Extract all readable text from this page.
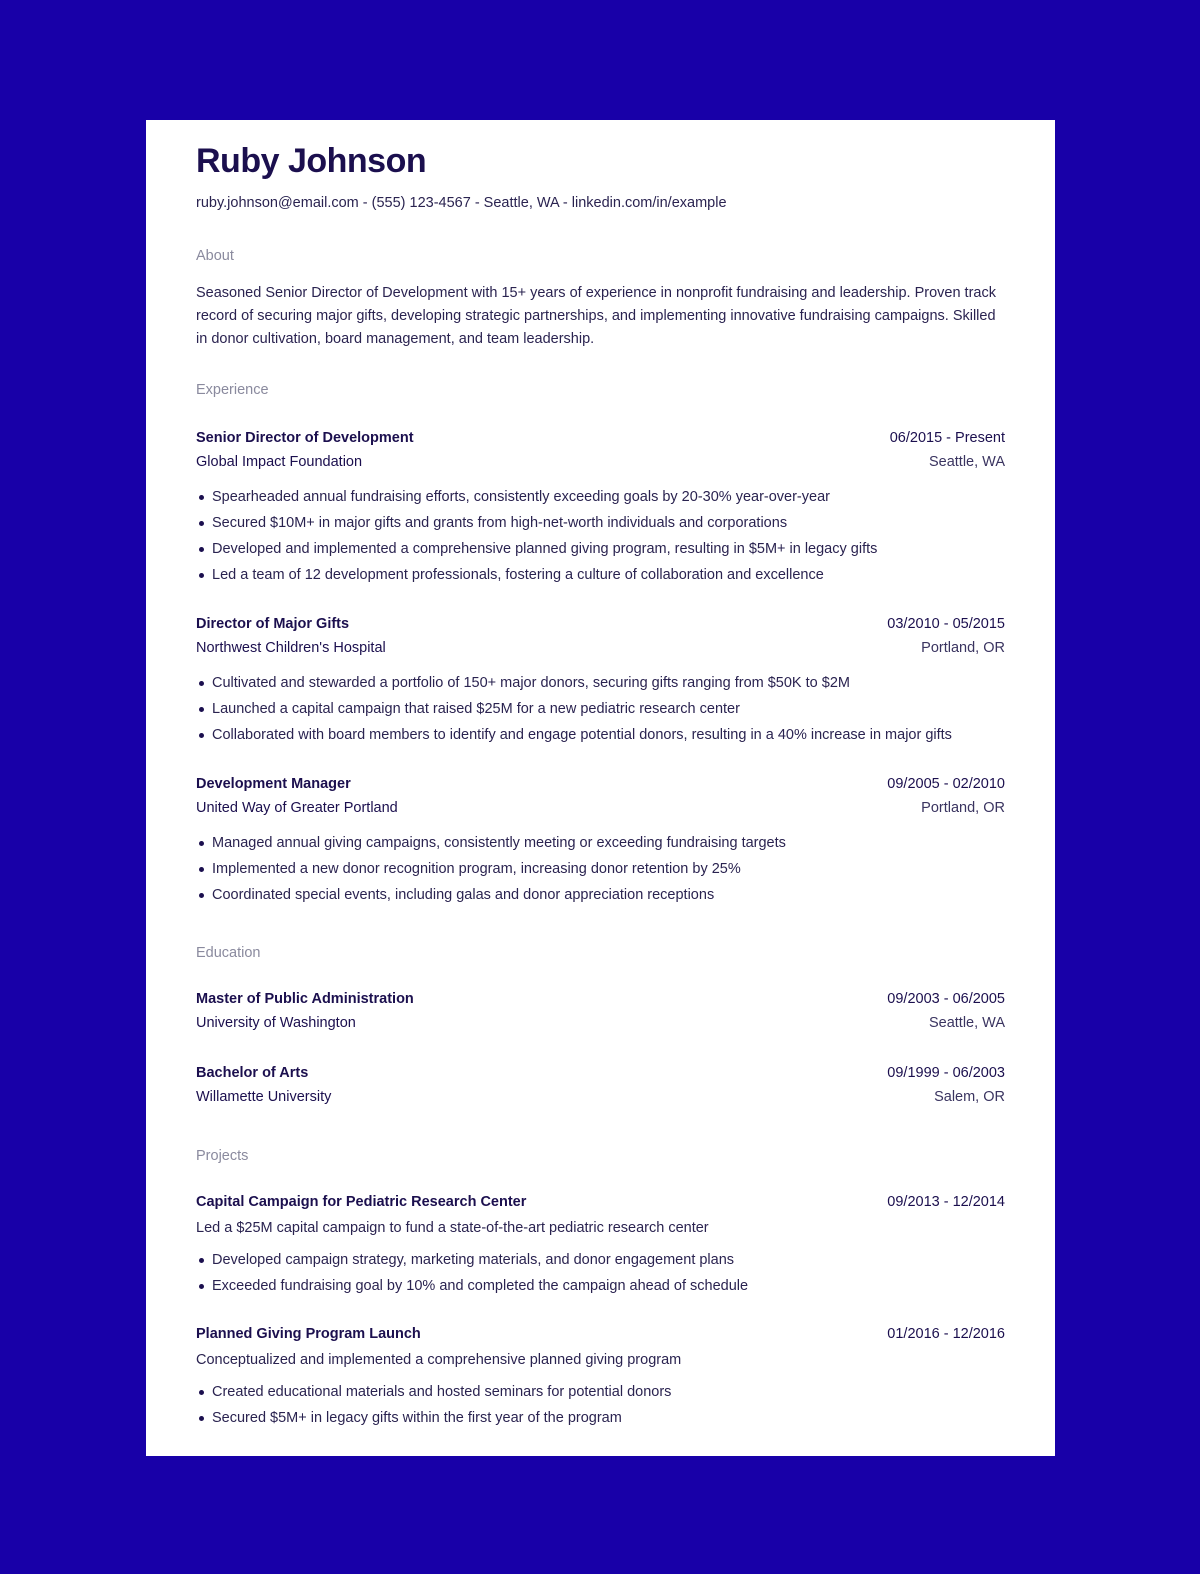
Ruby Johnson
ruby.johnson@email.com - (555) 123-4567 - Seattle, WA - linkedin.com/in/example
About
Seasoned Senior Director of Development with 15+ years of experience in nonprofit fundraising and leadership. Proven track record of securing major gifts, developing strategic partnerships, and implementing innovative fundraising campaigns. Skilled in donor cultivation, board management, and team leadership.
Experience
Senior Director of Development	06/2015 - Present
Global Impact Foundation	Seattle, WA
Spearheaded annual fundraising efforts, consistently exceeding goals by 20-30% year-over-year
Secured $10M+ in major gifts and grants from high-net-worth individuals and corporations
Developed and implemented a comprehensive planned giving program, resulting in $5M+ in legacy gifts
Led a team of 12 development professionals, fostering a culture of collaboration and excellence
Director of Major Gifts	03/2010 - 05/2015
Northwest Children's Hospital	Portland, OR
Cultivated and stewarded a portfolio of 150+ major donors, securing gifts ranging from $50K to $2M
Launched a capital campaign that raised $25M for a new pediatric research center
Collaborated with board members to identify and engage potential donors, resulting in a 40% increase in major gifts
Development Manager	09/2005 - 02/2010
United Way of Greater Portland	Portland, OR
Managed annual giving campaigns, consistently meeting or exceeding fundraising targets
Implemented a new donor recognition program, increasing donor retention by 25%
Coordinated special events, including galas and donor appreciation receptions
Education
Master of Public Administration	09/2003 - 06/2005
University of Washington	Seattle, WA
Bachelor of Arts	09/1999 - 06/2003
Willamette University	Salem, OR
Projects
Capital Campaign for Pediatric Research Center	09/2013 - 12/2014
Led a $25M capital campaign to fund a state-of-the-art pediatric research center
Developed campaign strategy, marketing materials, and donor engagement plans
Exceeded fundraising goal by 10% and completed the campaign ahead of schedule
Planned Giving Program Launch	01/2016 - 12/2016
Conceptualized and implemented a comprehensive planned giving program
Created educational materials and hosted seminars for potential donors
Secured $5M+ in legacy gifts within the first year of the program
